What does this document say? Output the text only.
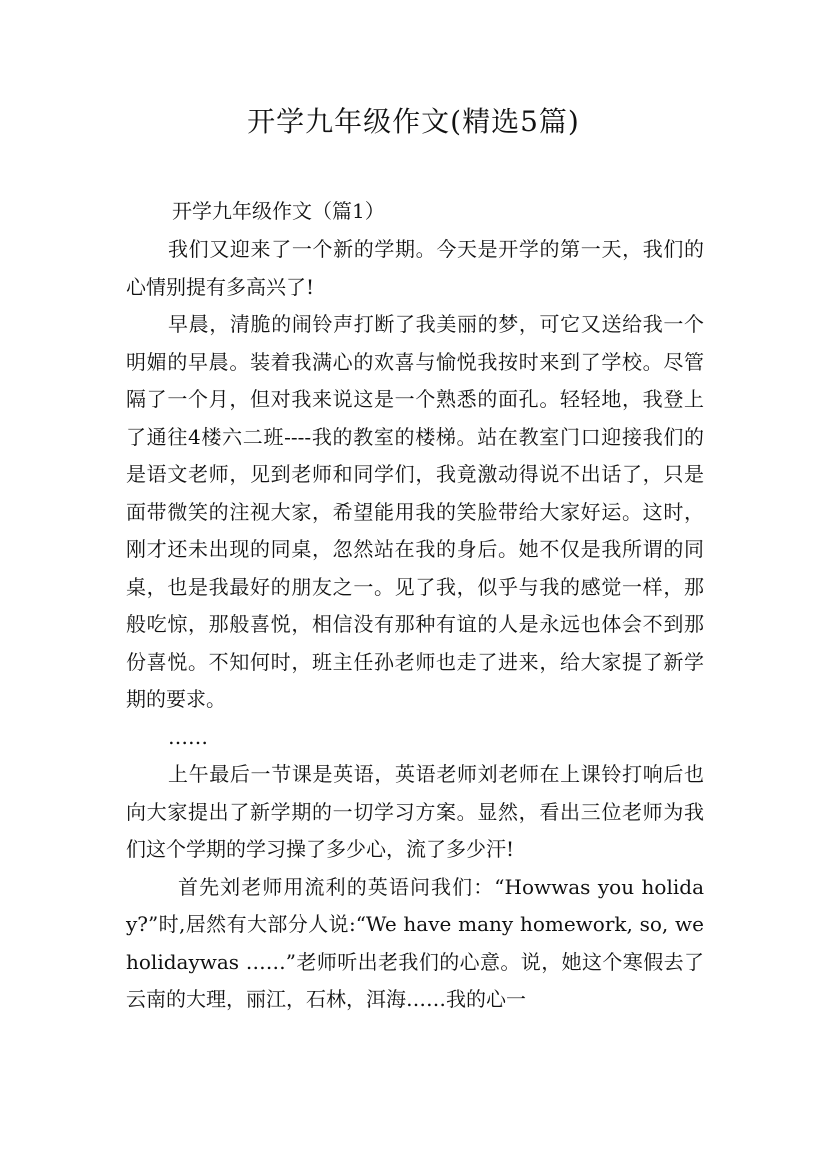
开学九年级作文(精选5篇)

开学九年级作文（篇1）

我们又迎来了一个新的学期。今天是开学的第一天，我们的心情别提有多高兴了!

早晨，清脆的闹铃声打断了我美丽的梦，可它又送给我一个明媚的早晨。装着我满心的欢喜与愉悦我按时来到了学校。尽管隔了一个月，但对我来说这是一个熟悉的面孔。轻轻地，我登上了通往4楼六二班----我的教室的楼梯。站在教室门口迎接我们的是语文老师，见到老师和同学们，我竟激动得说不出话了，只是面带微笑的注视大家，希望能用我的笑脸带给大家好运。这时，刚才还未出现的同桌，忽然站在我的身后。她不仅是我所谓的同桌，也是我最好的朋友之一。见了我，似乎与我的感觉一样，那般吃惊，那般喜悦，相信没有那种有谊的人是永远也体会不到那份喜悦。不知何时，班主任孙老师也走了进来，给大家提了新学期的要求。

……

上午最后一节课是英语，英语老师刘老师在上课铃打响后也向大家提出了新学期的一切学习方案。显然，看出三位老师为我们这个学期的学习操了多少心，流了多少汗!

首先刘老师用流利的英语问我们：“Howwas you holiday?”时,居然有大部分人说:“We have many homework, so, we holidaywas ……”老师听出老我们的心意。说，她这个寒假去了云南的大理，丽江，石林，洱海……我的心一
